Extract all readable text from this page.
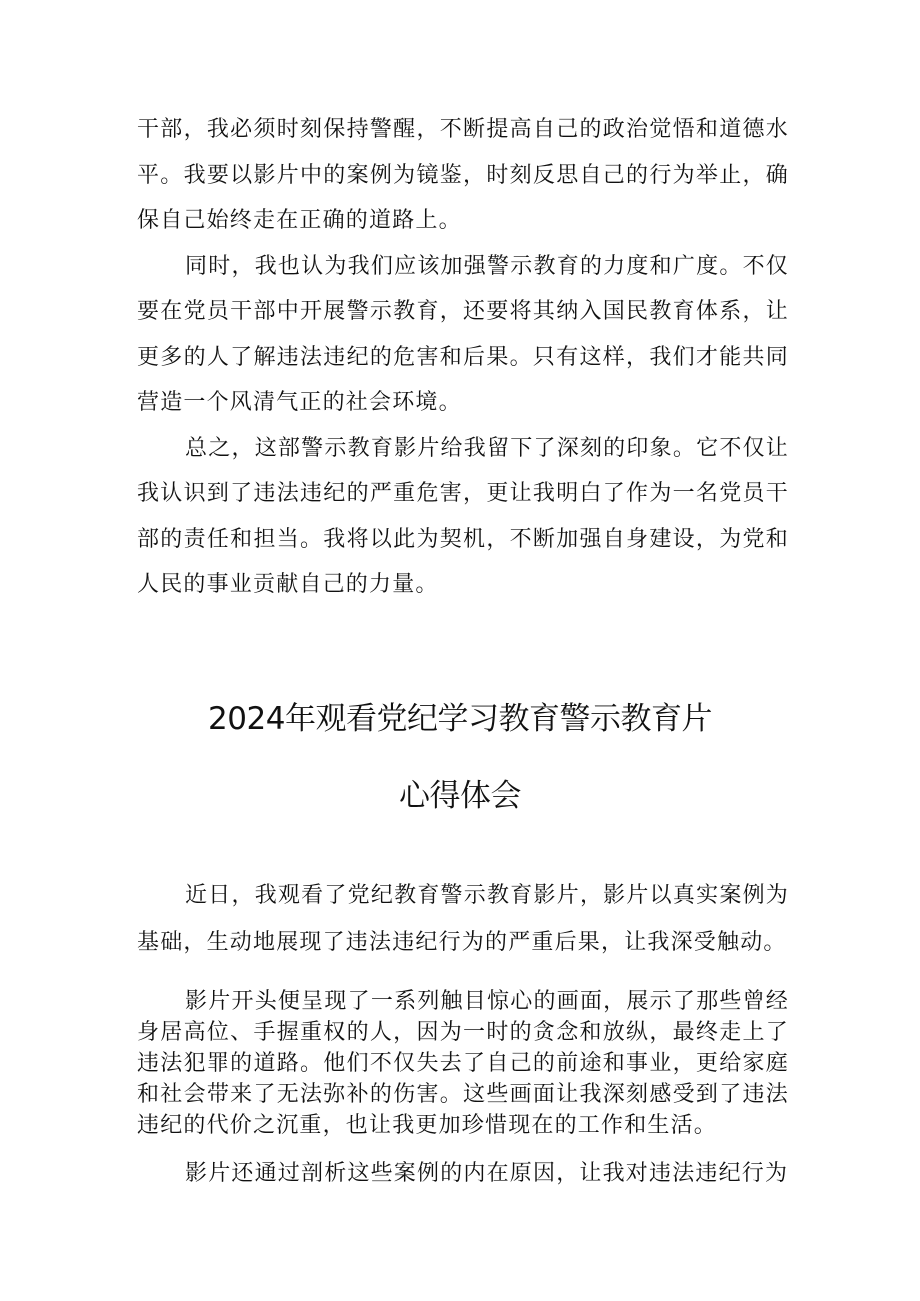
干部，我必须时刻保持警醒，不断提高自己的政治觉悟和道德水平。我要以影片中的案例为镜鉴，时刻反思自己的行为举止，确保自己始终走在正确的道路上。

同时，我也认为我们应该加强警示教育的力度和广度。不仅要在党员干部中开展警示教育，还要将其纳入国民教育体系，让更多的人了解违法违纪的危害和后果。只有这样，我们才能共同营造一个风清气正的社会环境。

总之，这部警示教育影片给我留下了深刻的印象。它不仅让我认识到了违法违纪的严重危害，更让我明白了作为一名党员干部的责任和担当。我将以此为契机，不断加强自身建设，为党和人民的事业贡献自己的力量。

2024年观看党纪学习教育警示教育片
心得体会

近日，我观看了党纪教育警示教育影片，影片以真实案例为基础，生动地展现了违法违纪行为的严重后果，让我深受触动。

影片开头便呈现了一系列触目惊心的画面，展示了那些曾经身居高位、手握重权的人，因为一时的贪念和放纵，最终走上了违法犯罪的道路。他们不仅失去了自己的前途和事业，更给家庭和社会带来了无法弥补的伤害。这些画面让我深刻感受到了违法违纪的代价之沉重，也让我更加珍惜现在的工作和生活。

影片还通过剖析这些案例的内在原因，让我对违法违纪行为
